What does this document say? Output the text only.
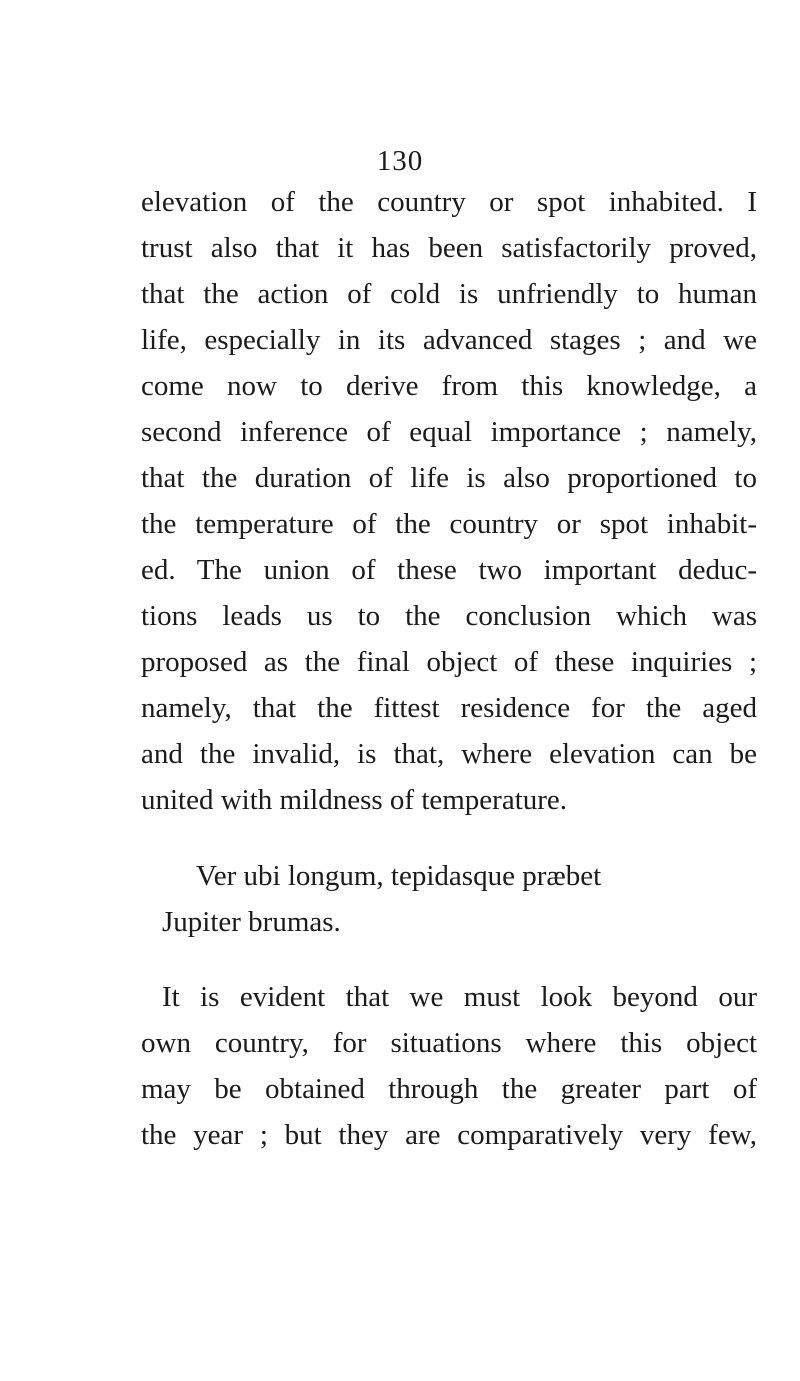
130
elevation of the country or spot inhabited. I
trust also that it has been satisfactorily proved,
that the action of cold is unfriendly to human
life, especially in its advanced stages ; and we
come now to derive from this knowledge, a
second inference of equal importance ; namely,
that the duration of life is also proportioned to
the temperature of the country or spot inhabit-
ed. The union of these two important deduc-
tions leads us to the conclusion which was
proposed as the final object of these inquiries ;
namely, that the fittest residence for the aged
and the invalid, is that, where elevation can be
united with mildness of temperature.
Ver ubi longum, tepidasque præbet
Jupiter brumas.
It is evident that we must look beyond our
own country, for situations where this object
may be obtained through the greater part of
the year ; but they are comparatively very few,
